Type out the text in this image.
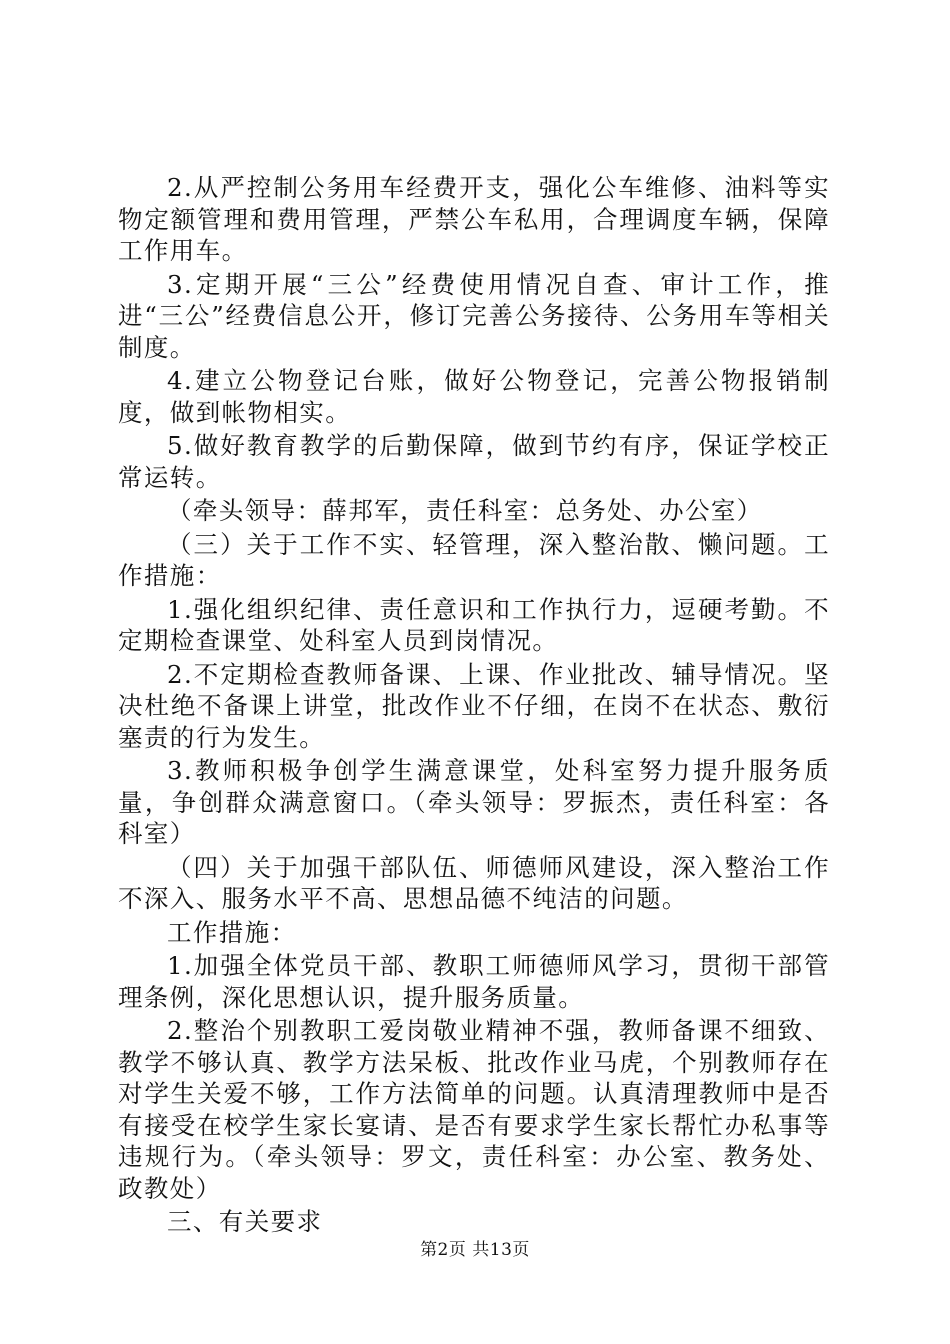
2.从严控制公务用车经费开支，强化公车维修、油料等实物定额管理和费用管理，严禁公车私用，合理调度车辆，保障工作用车。

3.定期开展“三公”经费使用情况自查、审计工作，推进“三公”经费信息公开，修订完善公务接待、公务用车等相关制度。

4.建立公物登记台账，做好公物登记，完善公物报销制度，做到帐物相实。

5.做好教育教学的后勤保障，做到节约有序，保证学校正常运转。

（牵头领导：薛邦军，责任科室：总务处、办公室）

（三）关于工作不实、轻管理，深入整治散、懒问题。工作措施：

1.强化组织纪律、责任意识和工作执行力，逗硬考勤。不定期检查课堂、处科室人员到岗情况。

2.不定期检查教师备课、上课、作业批改、辅导情况。坚决杜绝不备课上讲堂，批改作业不仔细，在岗不在状态、敷衍塞责的行为发生。

3.教师积极争创学生满意课堂，处科室努力提升服务质量，争创群众满意窗口。（牵头领导：罗振杰，责任科室：各科室）

（四）关于加强干部队伍、师德师风建设，深入整治工作不深入、服务水平不高、思想品德不纯洁的问题。

工作措施：

1.加强全体党员干部、教职工师德师风学习，贯彻干部管理条例，深化思想认识，提升服务质量。

2.整治个别教职工爱岗敬业精神不强，教师备课不细致、教学不够认真、教学方法呆板、批改作业马虎，个别教师存在对学生关爱不够，工作方法简单的问题。认真清理教师中是否有接受在校学生家长宴请、是否有要求学生家长帮忙办私事等违规行为。（牵头领导：罗文，责任科室：办公室、教务处、政教处）

三、有关要求

第2页 共13页
